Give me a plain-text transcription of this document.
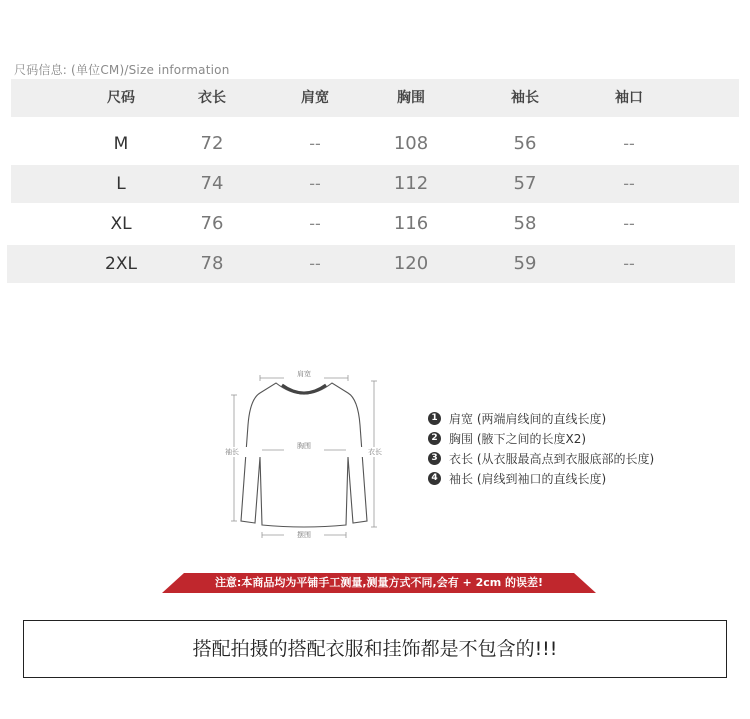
尺码信息: (单位CM)/Size information
尺码	衣长	肩宽	胸围	袖长	袖口
M	72	--	108	56	--
L	74	--	112	57	--
XL	76	--	116	58	--
2XL	78	--	120	59	--
肩宽
胸围
袖长	衣长
摆围
1 肩宽 (两端肩线间的直线长度)
2 胸围 (腋下之间的长度X2)
3 衣长 (从衣服最高点到衣服底部的长度)
4 袖长 (肩线到袖口的直线长度)
注意:本商品均为平铺手工测量,测量方式不同,会有 + 2cm 的误差!
搭配拍摄的搭配衣服和挂饰都是不包含的!!!
